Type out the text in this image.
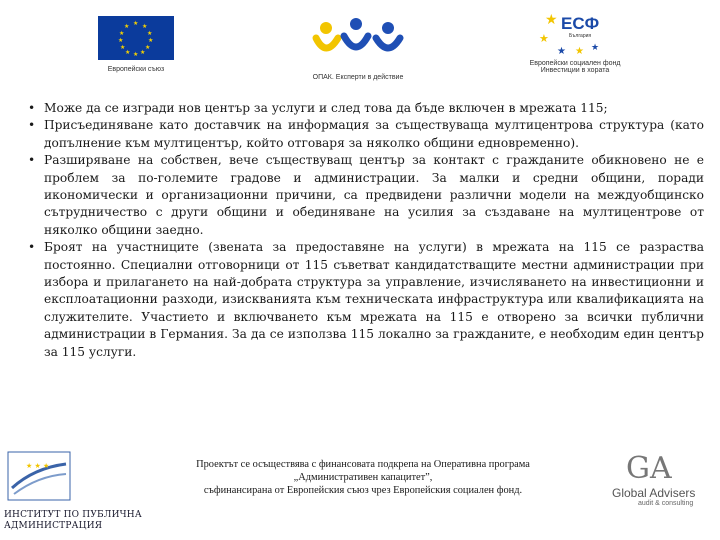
★ ★
★
★
★
★
★
★
★
★
★
★
Европейски съюз
ОПАК. Експерти в действие
★
★
★ ★ ★
ЕСФ
България
Европейски социален фонд
Инвестиции в хората
• Може да се изгради нов център за услуги и след това да бъде включен в мрежата 115;
• Присъединяване като доставчик на информация за съществуваща мултицентрова структура (като допълнение към мултицентър, който отговаря за няколко общини едновременно).
• Разширяване на собствен, вече съществуващ център за контакт с гражданите обикновено не е проблем за по-големите градове и администрации. За малки и средни общини, поради икономически и организационни причини, са предвидени различни модели на междуобщинско сътрудничество с други общини и обединяване на усилия за създаване на мултицентрове от няколко общини заедно.
• Броят на участниците (звената за предоставяне на услуги) в мрежата на 115 се разраства постоянно. Специални отговорници от 115 съветват кандидатстващите местни администрации при избора и прилагането на най-добрата структура за управление, изчисляването на инвестиционни и експлоатационни разходи, изискванията към техническата инфраструктура или квалификацията на служителите. Участието и включването към мрежата на 115 е отворено за всички публични администрации в Германия. За да се използва 115 локално за гражданите, е необходим един център за 115 услуги.
★ ★ ★
ИНСТИТУТ ПО ПУБЛИЧНА
АДМИНИСТРАЦИЯ
Проектът се осъществява с финансовата подкрепа на Оперативна програма
„Административен капацитет”,
съфинансирана от Европейския съюз чрез Европейския социален фонд.
GA
Global Advisers
audit & consulting
